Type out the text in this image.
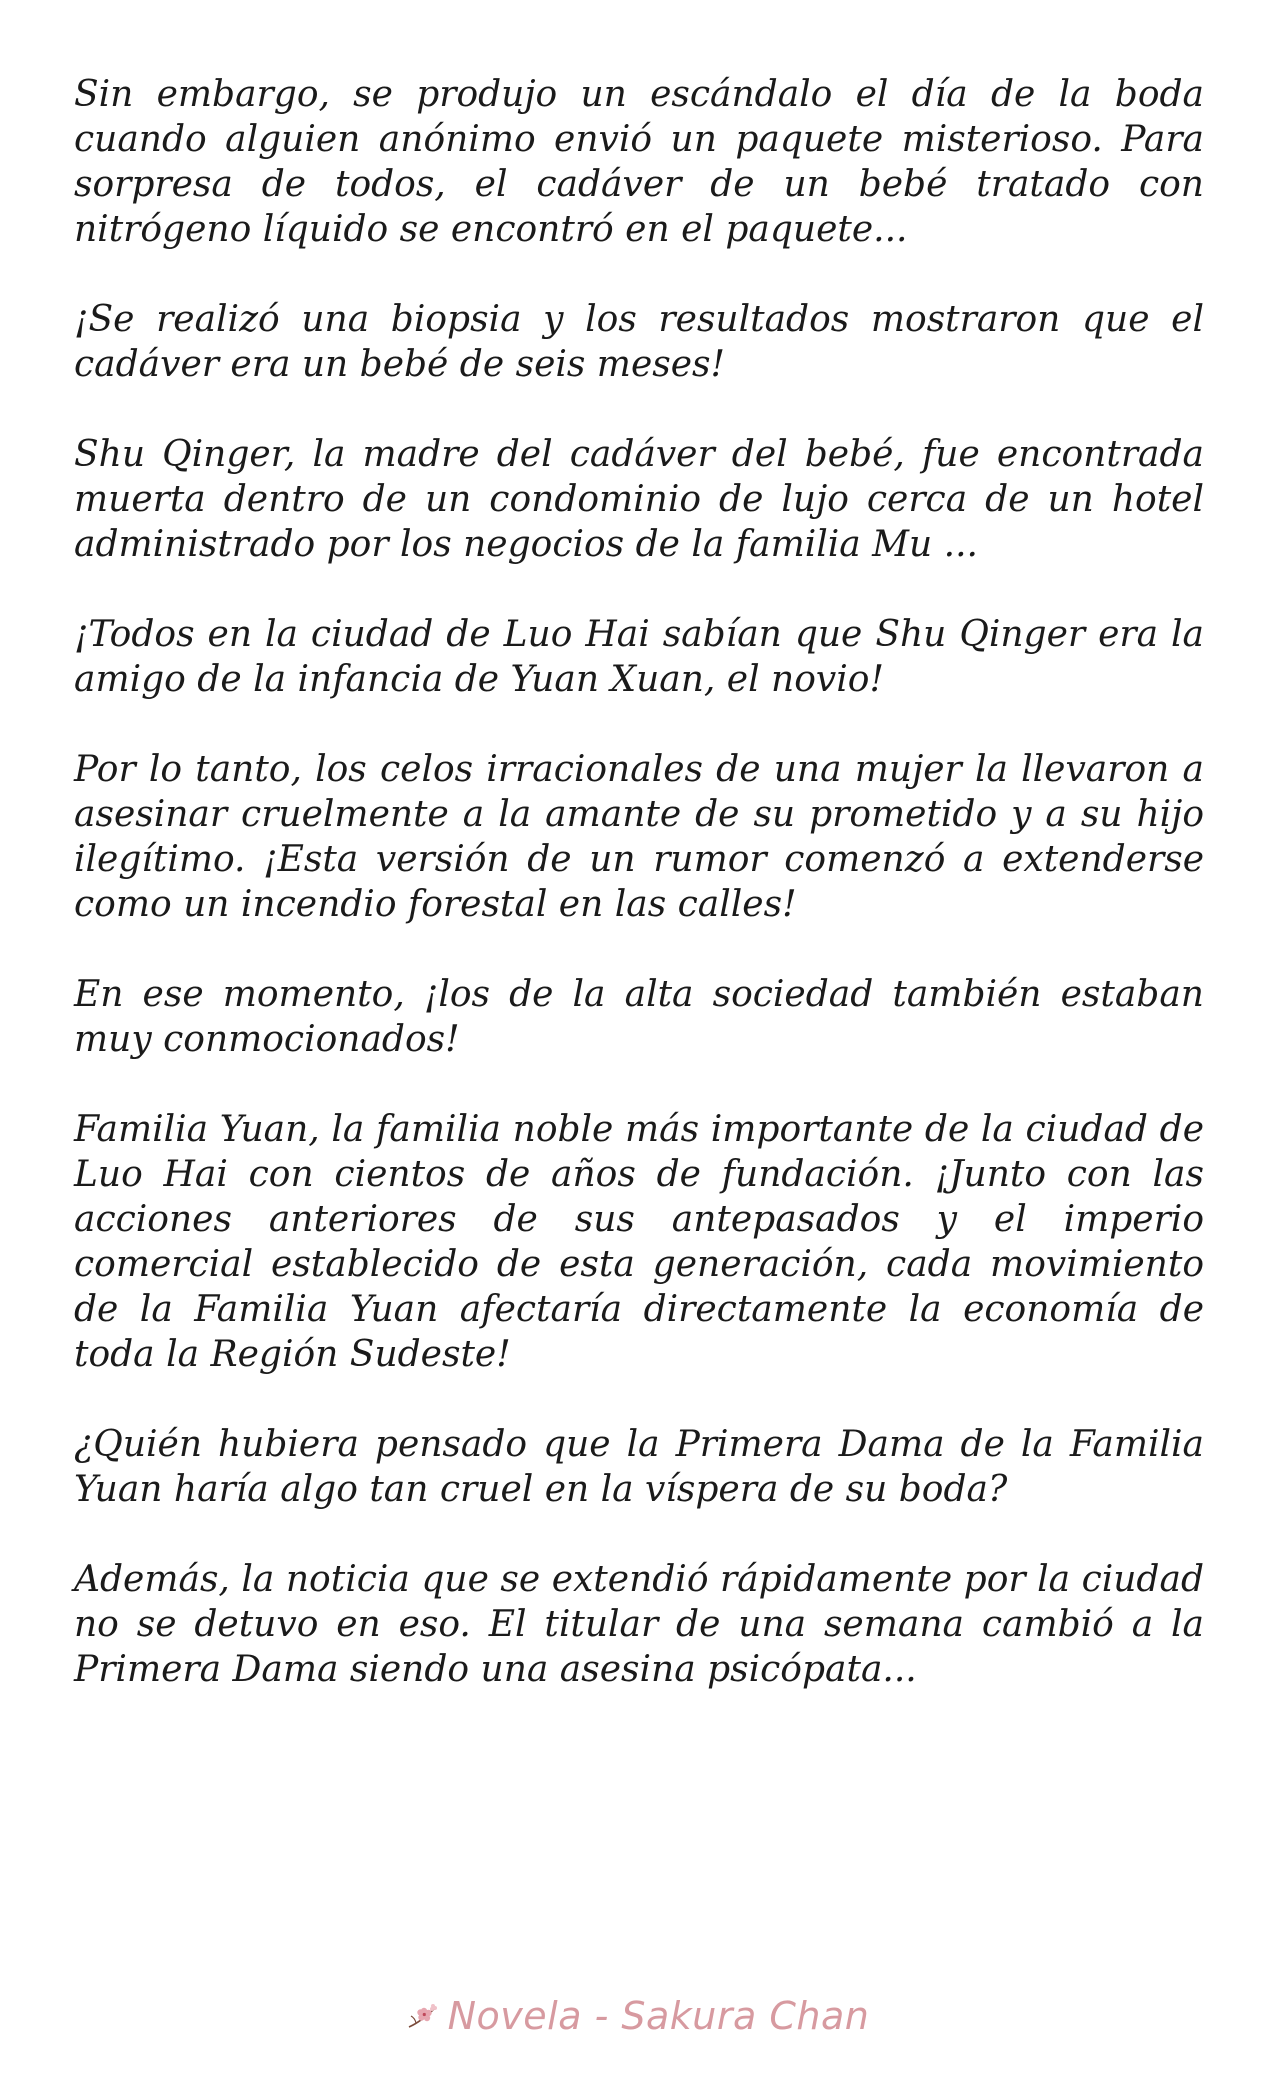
Sin embargo, se produjo un escándalo el día de la boda cuando alguien anónimo envió un paquete misterioso. Para sorpresa de todos, el cadáver de un bebé tratado con nitrógeno líquido se encontró en el paquete...

¡Se realizó una biopsia y los resultados mostraron que el cadáver era un bebé de seis meses!

Shu Qinger, la madre del cadáver del bebé, fue encontrada muerta dentro de un condominio de lujo cerca de un hotel administrado por los negocios de la familia Mu ...

¡Todos en la ciudad de Luo Hai sabían que Shu Qinger era la amigo de la infancia de Yuan Xuan, el novio!

Por lo tanto, los celos irracionales de una mujer la llevaron a asesinar cruelmente a la amante de su prometido y a su hijo ilegítimo. ¡Esta versión de un rumor comenzó a extenderse como un incendio forestal en las calles!

En ese momento, ¡los de la alta sociedad también estaban muy conmocionados!

Familia Yuan, la familia noble más importante de la ciudad de Luo Hai con cientos de años de fundación. ¡Junto con las acciones anteriores de sus antepasados y el imperio comercial establecido de esta generación, cada movimiento de la Familia Yuan afectaría directamente la economía de toda la Región Sudeste!

¿Quién hubiera pensado que la Primera Dama de la Familia Yuan haría algo tan cruel en la víspera de su boda?

Además, la noticia que se extendió rápidamente por la ciudad no se detuvo en eso. El titular de una semana cambió a la Primera Dama siendo una asesina psicópata...

Novela - Sakura Chan
